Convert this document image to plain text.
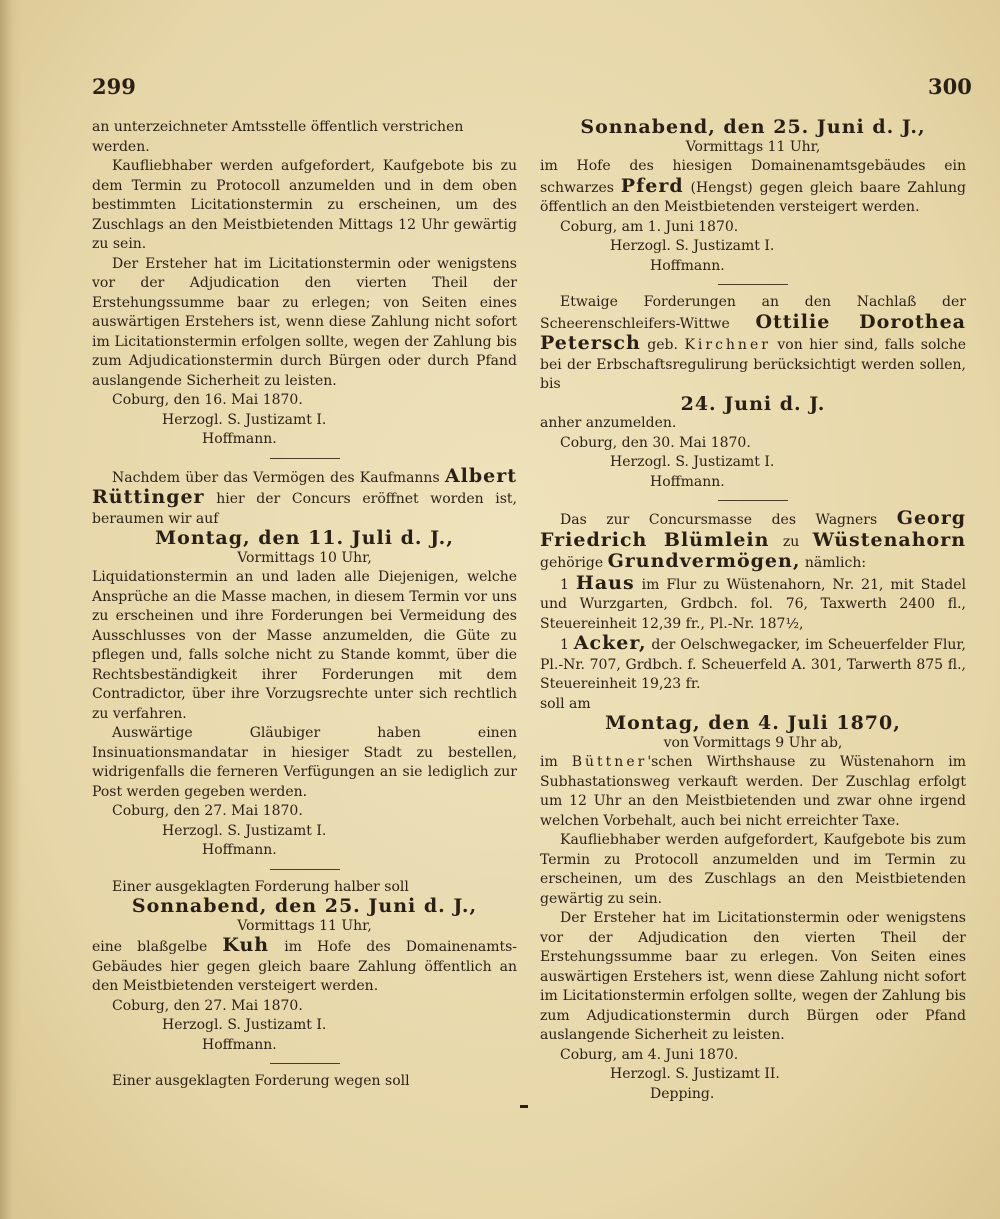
299	300

an unterzeichneter Amtsstelle öffentlich verstrichen

werden.

Kaufliebhaber werden aufgefordert, Kaufgebote bis zu dem Termin zu Protocoll anzumelden und in dem oben bestimmten Licitationstermin zu erscheinen, um des Zuschlags an den Meistbietenden Mittags 12 Uhr gewärtig zu sein.

Der Ersteher hat im Licitationstermin oder wenigstens vor der Adjudication den vierten Theil der Erstehungssumme baar zu erlegen; von Seiten eines auswärtigen Erstehers ist, wenn diese Zahlung nicht sofort im Licitationstermin erfolgen sollte, wegen der Zahlung bis zum Adjudicationstermin durch Bürgen oder durch Pfand auslangende Sicherheit zu leisten.

Coburg, den 16. Mai 1870.

Herzogl. S. Justizamt I.

Hoffmann.

Nachdem über das Vermögen des Kaufmanns Albert Rüttinger hier der Concurs eröffnet worden ist, beraumen wir auf

Montag, den 11. Juli d. J.,

Vormittags 10 Uhr,

Liquidationstermin an und laden alle Diejenigen, welche Ansprüche an die Masse machen, in diesem Termin vor uns zu erscheinen und ihre Forderungen bei Vermeidung des Ausschlusses von der Masse anzumelden, die Güte zu pflegen und, falls solche nicht zu Stande kommt, über die Rechtsbeständigkeit ihrer Forderungen mit dem Contradictor, über ihre Vorzugsrechte unter sich rechtlich zu verfahren.

Auswärtige Gläubiger haben einen Insinuationsmandatar in hiesiger Stadt zu bestellen, widrigenfalls die ferneren Verfügungen an sie lediglich zur Post werden gegeben werden.

Coburg, den 27. Mai 1870.

Herzogl. S. Justizamt I.

Hoffmann.

Einer ausgeklagten Forderung halber soll

Sonnabend, den 25. Juni d. J.,

Vormittags 11 Uhr,

eine blaßgelbe Kuh im Hofe des Domainenamts-Gebäudes hier gegen gleich baare Zahlung öffentlich an den Meistbietenden versteigert werden.

Coburg, den 27. Mai 1870.

Herzogl. S. Justizamt I.

Hoffmann.

Einer ausgeklagten Forderung wegen soll

Sonnabend, den 25. Juni d. J.,

Vormittags 11 Uhr,

im Hofe des hiesigen Domainenamtsgebäudes ein schwarzes Pferd (Hengst) gegen gleich baare Zahlung öffentlich an den Meistbietenden versteigert werden.

Coburg, am 1. Juni 1870.

Herzogl. S. Justizamt I.

Hoffmann.

Etwaige Forderungen an den Nachlaß der Scheerenschleifers-Wittwe Ottilie Dorothea Petersch geb. Kirchner von hier sind, falls solche bei der Erbschaftsregulirung berücksichtigt werden sollen, bis

24. Juni d. J.

anher anzumelden.

Coburg, den 30. Mai 1870.

Herzogl. S. Justizamt I.

Hoffmann.

Das zur Concursmasse des Wagners Georg Friedrich Blümlein zu Wüstenahorn gehörige Grundvermögen, nämlich:

1 Haus im Flur zu Wüstenahorn, Nr. 21, mit Stadel und Wurzgarten, Grdbch. fol. 76, Taxwerth 2400 fl., Steuereinheit 12,39 fr., Pl.-Nr. 187½,

1 Acker, der Oelschwegacker, im Scheuerfelder Flur, Pl.-Nr. 707, Grdbch. f. Scheuerfeld A. 301, Tarwerth 875 fl., Steuereinheit 19,23 fr.

soll am

Montag, den 4. Juli 1870,

von Vormittags 9 Uhr ab,

im Büttner'schen Wirthshause zu Wüstenahorn im Subhastationsweg verkauft werden. Der Zuschlag erfolgt um 12 Uhr an den Meistbietenden und zwar ohne irgend welchen Vorbehalt, auch bei nicht erreichter Taxe.

Kaufliebhaber werden aufgefordert, Kaufgebote bis zum Termin zu Protocoll anzumelden und im Termin zu erscheinen, um des Zuschlags an den Meistbietenden gewärtig zu sein.

Der Ersteher hat im Licitationstermin oder wenigstens vor der Adjudication den vierten Theil der Erstehungssumme baar zu erlegen. Von Seiten eines auswärtigen Erstehers ist, wenn diese Zahlung nicht sofort im Licitationstermin erfolgen sollte, wegen der Zahlung bis zum Adjudicationstermin durch Bürgen oder Pfand auslangende Sicherheit zu leisten.

Coburg, am 4. Juni 1870.

Herzogl. S. Justizamt II.

Depping.
